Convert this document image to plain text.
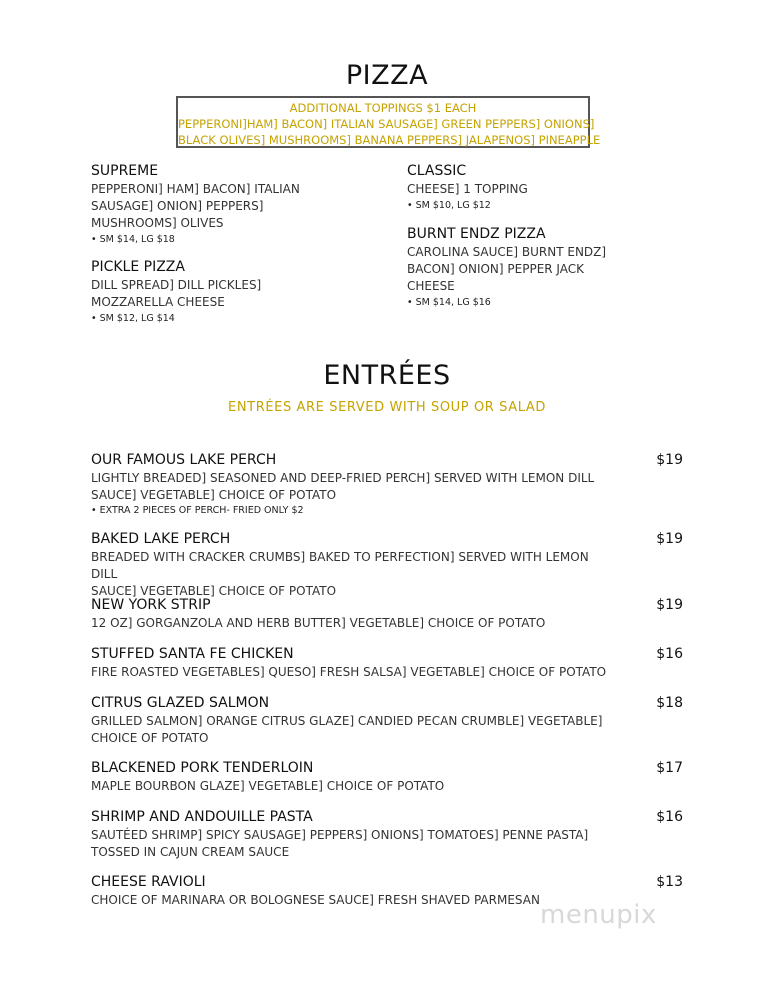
PIZZA
ADDITIONAL TOPPINGS $1 EACH
PEPPERONI]HAM] BACON] ITALIAN SAUSAGE] GREEN PEPPERS] ONIONS]
BLACK OLIVES] MUSHROOMS] BANANA PEPPERS] JALAPENOS] PINEAPPLE
SUPREME
PEPPERONI] HAM] BACON] ITALIAN
SAUSAGE] ONION] PEPPERS]
MUSHROOMS] OLIVES
• SM $14, LG $18
PICKLE PIZZA
DILL SPREAD] DILL PICKLES]
MOZZARELLA CHEESE
• SM $12, LG $14
CLASSIC
CHEESE] 1 TOPPING
• SM $10, LG $12
BURNT ENDZ PIZZA
CAROLINA SAUCE] BURNT ENDZ]
BACON] ONION] PEPPER JACK
CHEESE
• SM $14, LG $16
ENTRÉES
ENTRÉES ARE SERVED WITH SOUP OR SALAD
OUR FAMOUS LAKE PERCH	$19
LIGHTLY BREADED] SEASONED AND DEEP-FRIED PERCH] SERVED WITH LEMON DILL
SAUCE] VEGETABLE] CHOICE OF POTATO
• EXTRA 2 PIECES OF PERCH- FRIED ONLY $2
BAKED LAKE PERCH	$19
BREADED WITH CRACKER CRUMBS] BAKED TO PERFECTION] SERVED WITH LEMON DILL
SAUCE] VEGETABLE] CHOICE OF POTATO
NEW YORK STRIP	$19
12 OZ] GORGANZOLA AND HERB BUTTER] VEGETABLE] CHOICE OF POTATO
STUFFED SANTA FE CHICKEN	$16
FIRE ROASTED VEGETABLES] QUESO] FRESH SALSA] VEGETABLE] CHOICE OF POTATO
CITRUS GLAZED SALMON	$18
GRILLED SALMON] ORANGE CITRUS GLAZE] CANDIED PECAN CRUMBLE] VEGETABLE]
CHOICE OF POTATO
BLACKENED PORK TENDERLOIN	$17
MAPLE BOURBON GLAZE] VEGETABLE] CHOICE OF POTATO
SHRIMP AND ANDOUILLE PASTA	$16
SAUTÉED SHRIMP] SPICY SAUSAGE] PEPPERS] ONIONS] TOMATOES] PENNE PASTA]
TOSSED IN CAJUN CREAM SAUCE
CHEESE RAVIOLI	$13
CHOICE OF MARINARA OR BOLOGNESE SAUCE] FRESH SHAVED PARMESAN menupix
